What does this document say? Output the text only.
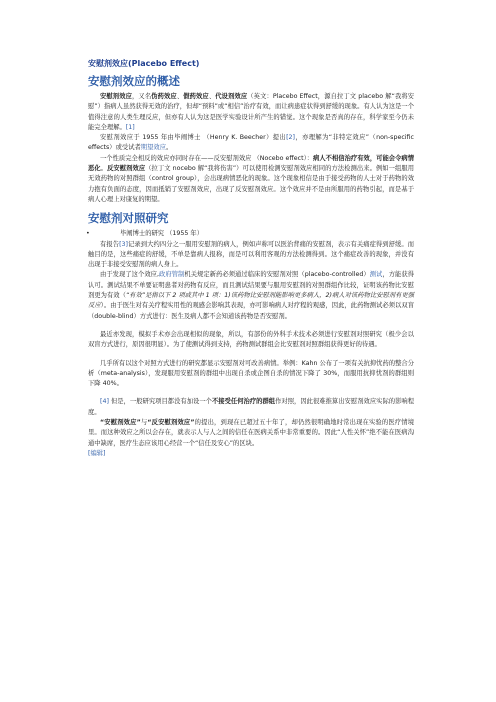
安慰剂效应(Placebo Effect)
安慰剂效应的概述

安慰剂效应，又名伪药效应、假药效应、代设剂效应（英文：Placebo Effect，源自拉丁文 placebo 解“我将安慰”）指病人虽然获得无效的治疗，但却“预料”或“相信”治疗有效，而让病患症状得到舒缓的现象。有人认为这是一个值得注意的人类生理反应，但亦有人认为这是医学实验设计所产生的错觉。这个现象是否真的存在，科学家至今仍未能完全理解。[1]

安慰剂效应于 1955 年由毕阐博士 （Henry K. Beecher）提出[2]，亦理解为“非特定效应”（non-specific effects）或受试者期望效应。

一个性质完全相反的效应亦同时存在——反安慰剂效应 （Nocebo effect）：病人不相信治疗有效，可能会令病情恶化。反安慰剂效应（拉丁文 nocebo 解“我将伤害”）可以使用检测安慰剂效应相同的方法检测出来。例如一组服用无效药物的对照群组（control group），会出现病情恶化的现象。这个现象相信是由于接受药物的人士对于药物的效力抱有负面的态度，因而抵销了安慰剂效应，出现了反安慰剂效应。这个效应并不是由所服用的药物引起，而是基于病人心理上对康复的期望。

安慰剂对照研究
•	毕阐博士的研究 （1955 年）

有报告[3]记录到大约四分之一服用安慰剂的病人，例如声称可以医治背痛的安慰剂，表示有关痛症得到舒缓。而触目的是，这些痛症的舒缓，不单是靠病人报称，而是可以利用客观的方法检测得到。这个痛症改善的现象，并没有出现于非接受安慰剂的病人身上。

由于发现了这个效应,政府管制机关规定新药必须通过临床的安慰剂对照（placebo-controlled）测试，方能获得认可。测试结果不单要证明患者对药物有反应，而且测试结果要与服用安慰剂的对照群组作比较，证明该药物比安慰剂更为有效（“有效”是指以下 2 项或其中 1 项：1)该药物比安慰剂能影响更多病人，2)病人对该药物比安慰剂有更强反应）。由于医生对有关疗程实用性的观感会影响其表现，亦可影响病人对疗程的观感，因此，此药物测试必须以双盲 （double-blind）方式进行：医生及病人都不会知道该药物是否安慰剂。

最近亦发现，模拟手术亦会出现相似的现象，所以，有部份的外科手术技术必须进行安慰剂对照研究（极少会以双盲方式进行，原因很明显）。为了使测试得到支持，药物测试群组会比安慰剂对照群组获得更好的待遇。

几乎所有以这个对照方式进行的研究都显示安慰剂对可改善病情。举例：Kahn 公布了一项有关抗抑忧药的整合分析（meta-analysis），发现服用安慰剂的群组中出现自杀或企图自杀的情况下降了 30%，而服用抗抑忧剂的群组则下降 40%。

[4] 但是，一般研究项目都没有加设一个不接受任何治疗的群组作对照，因此很难推算出安慰剂效应实际的影响程度。

“安慰剂效应”与“反安慰剂效应”的提出，到现在已超过五十年了，却仍然很明确地时常出现在实验的医疗情境里。而这种效应之所以会存在，就表示人与人之间的信任在医病关系中非常重要的。因此“人性关怀”绝不能在医病沟通中缺席，医疗生态应该用心经营一个“信任及安心”的区块。

[编辑]
